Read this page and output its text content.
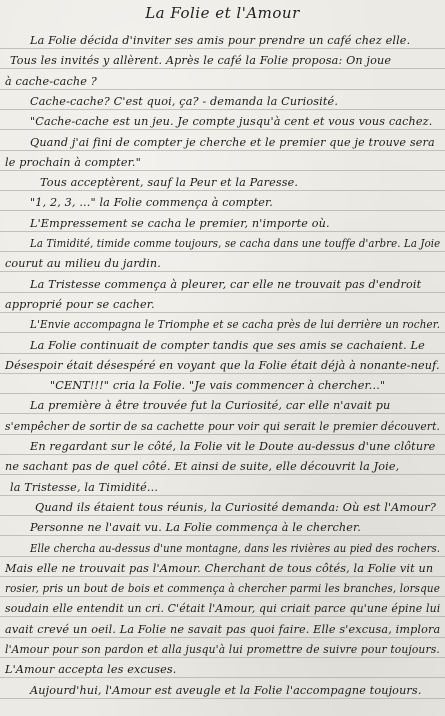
La Folie et l'Amour
La Folie décida d'inviter ses amis pour prendre un café chez elle.
Tous les invités y allèrent. Après le café la Folie proposa: On joue
à cache-cache ?
Cache-cache? C'est quoi, ça? - demanda la Curiosité.
"Cache-cache est un jeu. Je compte jusqu'à cent et vous vous cachez.
Quand j'ai fini de compter je cherche et le premier que je trouve sera
le prochain à compter."
Tous acceptèrent, sauf la Peur et la Paresse.
"1, 2, 3, ..." la Folie commença à compter.
L'Empressement se cacha le premier, n'importe où.
La Timidité, timide comme toujours, se cacha dans une touffe d'arbre. La Joie
courut au milieu du jardin.
La Tristesse commença à pleurer, car elle ne trouvait pas d'endroit
approprié pour se cacher.
L'Envie accompagna le Triomphe et se cacha près de lui derrière un rocher.
La Folie continuait de compter tandis que ses amis se cachaient. Le
Désespoir était désespéré en voyant que la Folie était déjà à nonante-neuf.
"CENT!!!" cria la Folie. "Je vais commencer à chercher..."
La première à être trouvée fut la Curiosité, car elle n'avait pu
s'empêcher de sortir de sa cachette pour voir qui serait le premier découvert.
En regardant sur le côté, la Folie vit le Doute au-dessus d'une clôture
ne sachant pas de quel côté. Et ainsi de suite, elle découvrit la Joie,
la Tristesse, la Timidité...
Quand ils étaient tous réunis, la Curiosité demanda: Où est l'Amour?
Personne ne l'avait vu. La Folie commença à le chercher.
Elle chercha au-dessus d'une montagne, dans les rivières au pied des rochers.
Mais elle ne trouvait pas l'Amour. Cherchant de tous côtés, la Folie vit un
rosier, pris un bout de bois et commença à chercher parmi les branches, lorsque
soudain elle entendit un cri. C'était l'Amour, qui criait parce qu'une épine lui
avait crevé un oeil. La Folie ne savait pas quoi faire. Elle s'excusa, implora
l'Amour pour son pardon et alla jusqu'à lui promettre de suivre pour toujours.
L'Amour accepta les excuses.
Aujourd'hui, l'Amour est aveugle et la Folie l'accompagne toujours.
